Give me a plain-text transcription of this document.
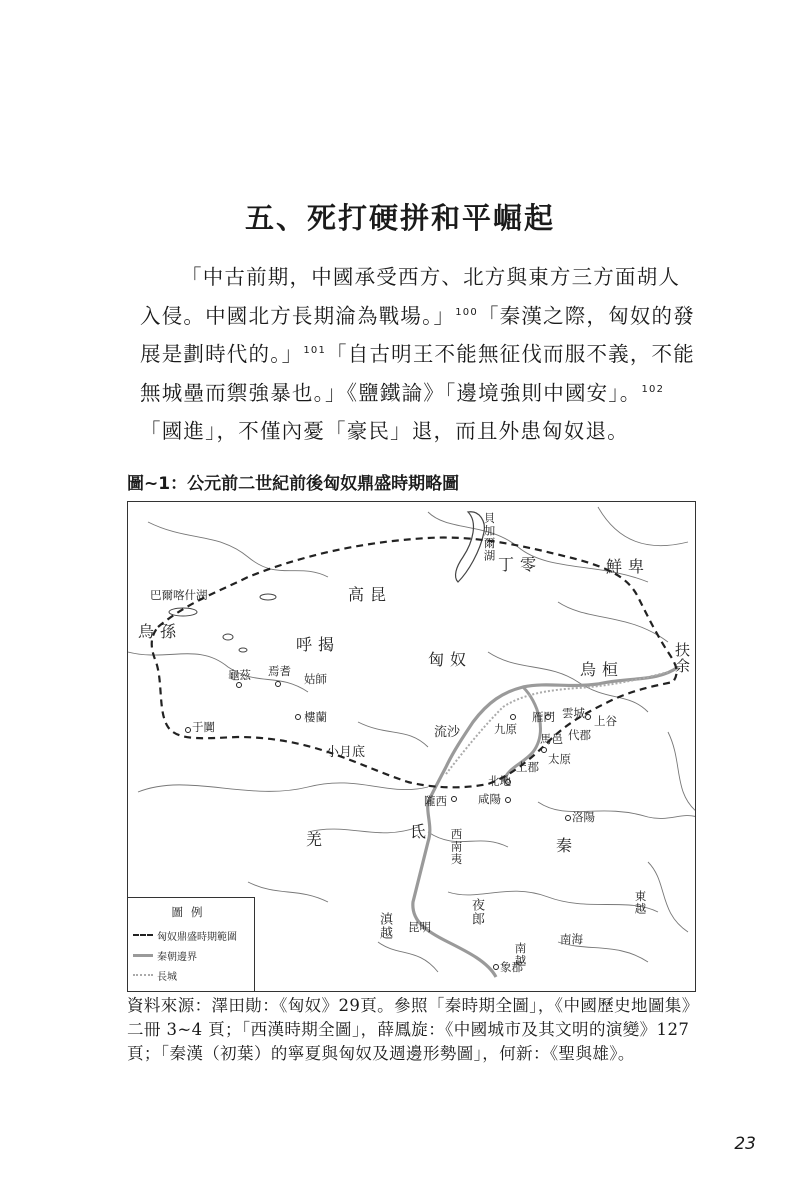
五、死打硬拼和平崛起

「中古前期，中國承受西方、北方與東方三方面胡人入侵。中國北方長期淪為戰場。」$^{100}$「秦漢之際，匈奴的發展是劃時代的。」$^{101}$「自古明王不能無征伐而服不義，不能無城壘而禦強暴也。」《鹽鐵論》「邊境強則中國安」。$^{102}$「國進」，不僅內憂「豪民」退，而且外患匈奴退。

圖~1：公元前二世紀前後匈奴鼎盛時期略圖
貝加爾湖
丁零	鮮卑
巴爾喀什湖	高昆
烏孫
呼揭
匈奴
烏桓	扶余
龜茲 焉耆
姑師
于闐
樓蘭
小月底
流沙	九原
雁門 雲城
上谷
馬邑 代郡
上郡
太原
北地
隴西	咸陽
洛陽
羌	氐
秦
西南夷
東越
夜郎
滇越 昆明
南越
南海
象郡
圖例
匈奴鼎盛時期範圍
秦朝邊界
長城
資料來源：澤田勛：《匈奴》29頁。參照「秦時期全圖」，《中國歷史地圖集》二冊 3~4 頁；「西漢時期全圖」，薛鳳旋：《中國城市及其文明的演變》127 頁；「秦漢（初葉）的寧夏與匈奴及週邊形勢圖」，何新：《聖與雄》。
23
